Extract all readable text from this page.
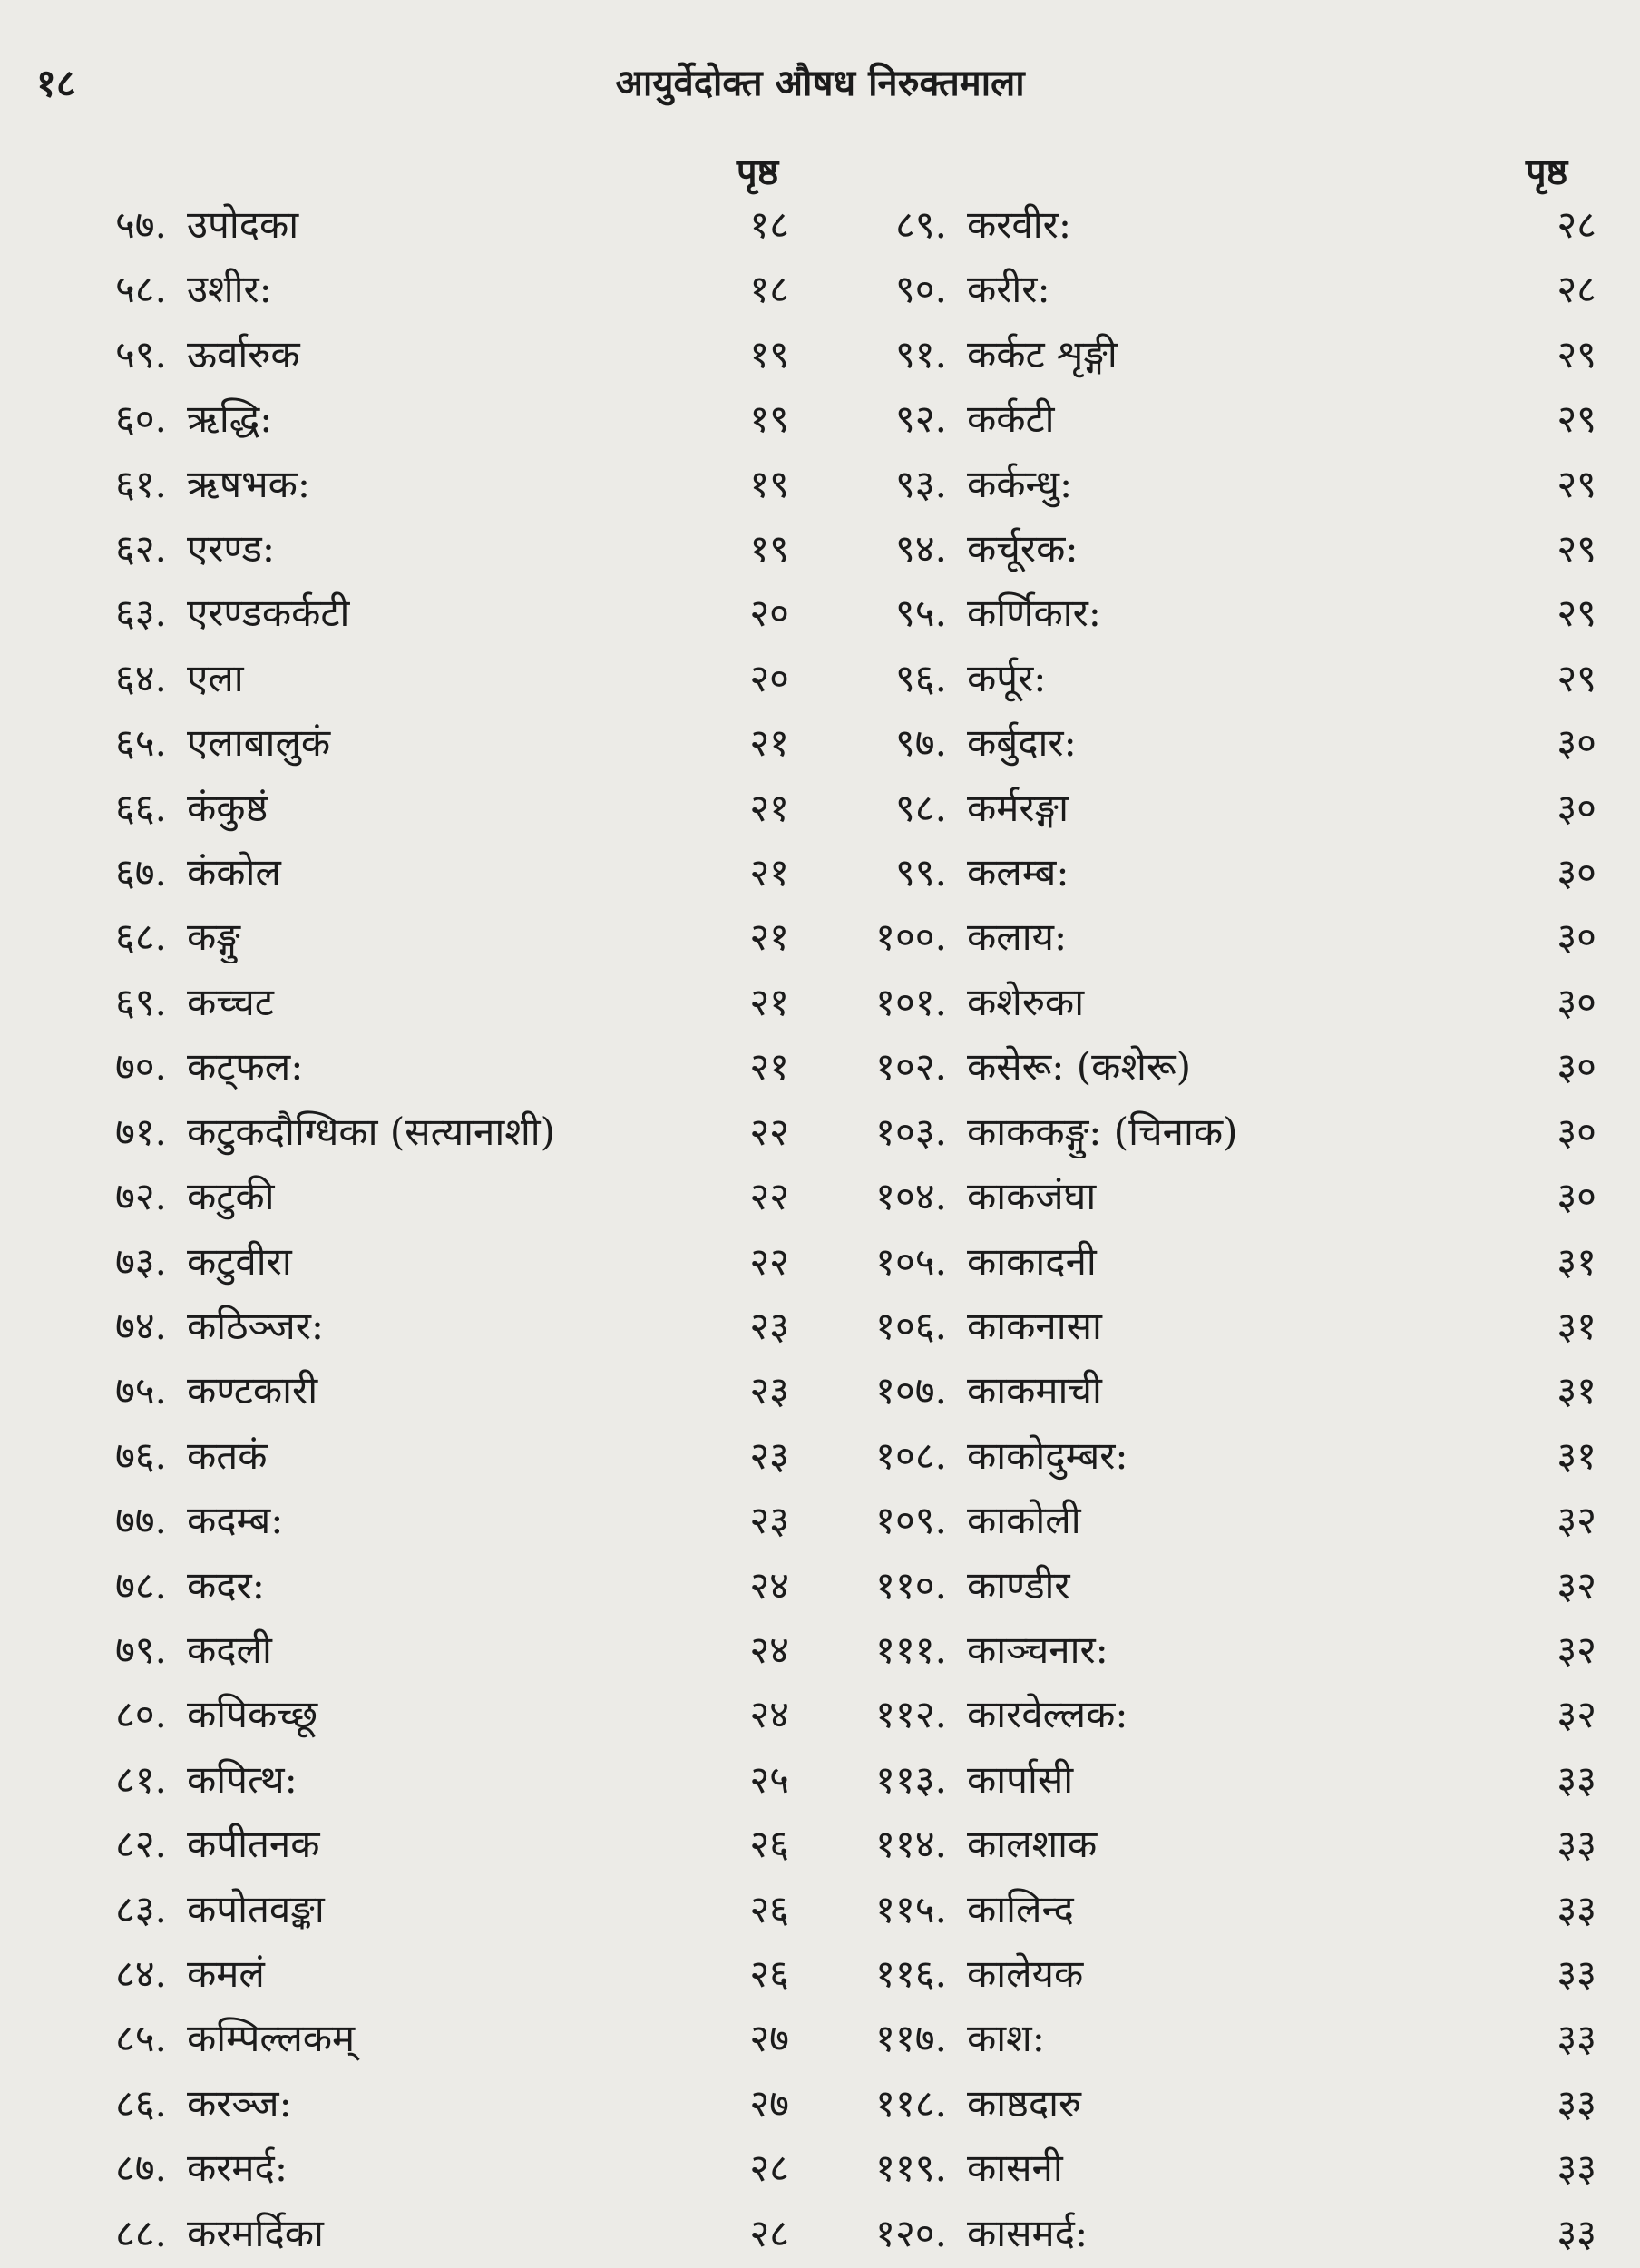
१८	आयुर्वेदोक्त औषध निरुक्तमाला
पृष्ठ	पृष्ठ
५७. उपोदका	१८
५८. उशीर:	१८
५९. ऊर्वारुक	१९
६०. ऋद्धि:	१९
६१. ऋषभक:	१९
६२. एरण्ड:	१९
६३. एरण्डकर्कटी	२०
६४. एला	२०
६५. एलाबालुकं	२१
६६. कंकुष्ठं	२१
६७. कंकोल	२१
६८. कङ्गु	२१
६९. कच्चट	२१
७०. कट्फल:	२१
७१. कटुकदौग्धिका (सत्यानाशी)	२२
७२. कटुकी	२२
७३. कटुवीरा	२२
७४. कठिञ्जर:	२३
७५. कण्टकारी	२३
७६. कतकं	२३
७७. कदम्ब:	२३
७८. कदर:	२४
७९. कदली	२४
८०. कपिकच्छू	२४
८१. कपित्थ:	२५
८२. कपीतनक	२६
८३. कपोतवङ्का	२६
८४. कमलं	२६
८५. कम्पिल्लकम्	२७
८६. करञ्ज:	२७
८७. करमर्द:	२८
८८. करमर्दिका	२८
८९. करवीर:	२८
९०. करीर:	२८
९१. कर्कट शृङ्गी	२९
९२. कर्कटी	२९
९३. कर्कन्धु:	२९
९४. कर्चूरक:	२९
९५. कर्णिकार:	२९
९६. कर्पूर:	२९
९७. कर्बुदार:	३०
९८. कर्मरङ्गा	३०
९९. कलम्ब:	३०
१००. कलाय:	३०
१०१. कशेरुका	३०
१०२. कसेरू: (कशेरू)	३०
१०३. काककङ्गु: (चिनाक)	३०
१०४. काकजंघा	३०
१०५. काकादनी	३१
१०६. काकनासा	३१
१०७. काकमाची	३१
१०८. काकोदुम्बर:	३१
१०९. काकोली	३२
११०. काण्डीर	३२
१११. काञ्चनार:	३२
११२. कारवेल्लक:	३२
११३. कार्पासी	३३
११४. कालशाक	३३
११५. कालिन्द	३३
११६. कालेयक	३३
११७. काश:	३३
११८. काष्ठदारु	३३
११९. कासनी	३३
१२०. कासमर्द:	३३
